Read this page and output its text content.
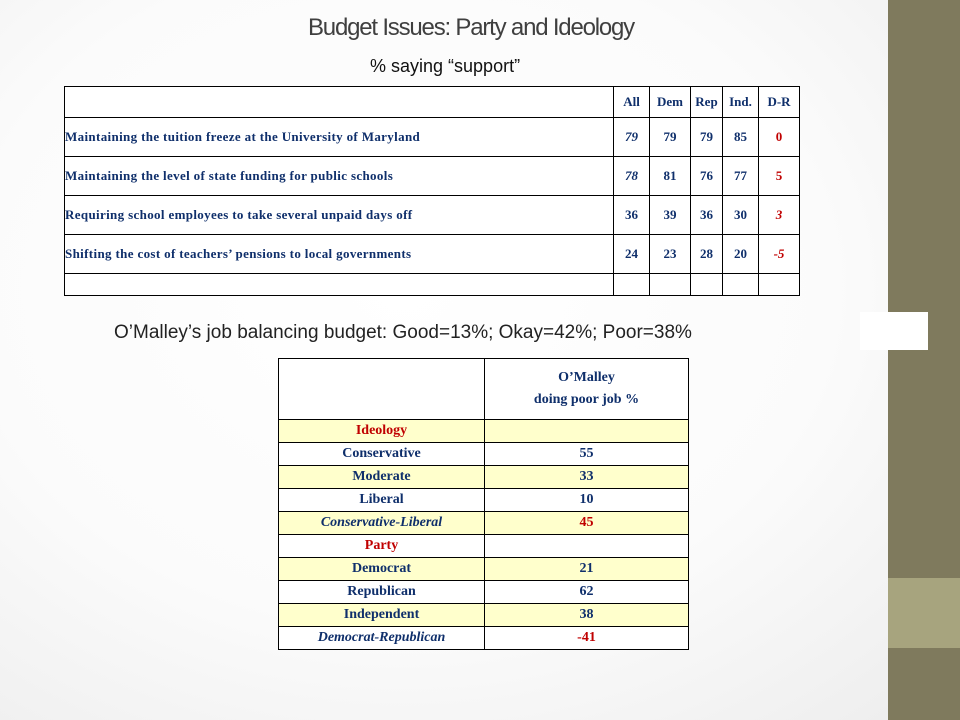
Budget Issues: Party and Ideology
% saying “support”
	All	Dem	Rep	Ind.	D-R
Maintaining the tuition freeze at the University of Maryland	79	79	79	85	0
Maintaining the level of state funding for public schools	78	81	76	77	5
Requiring school employees to take several unpaid days off	36	39	36	30	3
Shifting the cost of teachers’ pensions to local governments	24	23	28	20	-5

O’Malley’s job balancing budget: Good=13%; Okay=42%; Poor=38%
	O’Malley
doing poor job %
Ideology	
Conservative	55
Moderate	33
Liberal	10
Conservative-Liberal	45
Party	
Democrat	21
Republican	62
Independent	38
Democrat-Republican	-41
